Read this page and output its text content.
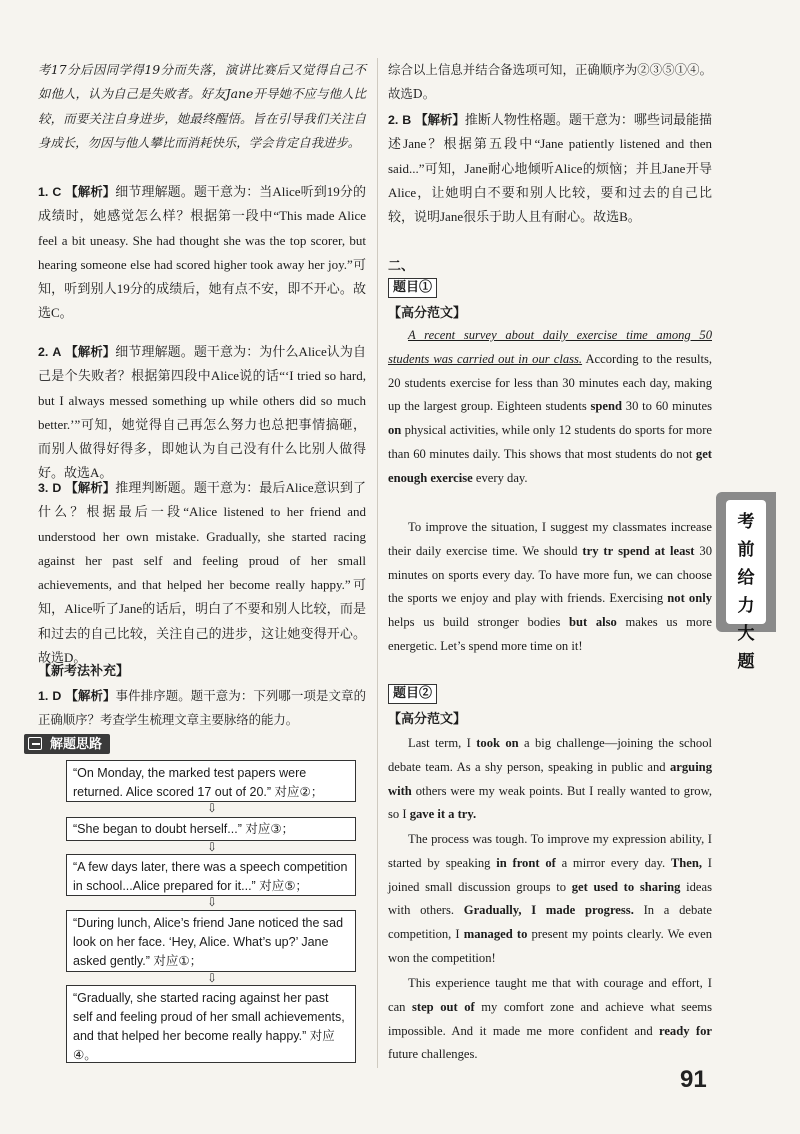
考17分后因同学得19分而失落，演讲比赛后又觉得自己不如他人，认为自己是失败者。好友Jane开导她不应与他人比较，而要关注自身进步，她最终醒悟。旨在引导我们关注自身成长，勿因与他人攀比而消耗快乐，学会肯定自我进步。

1. C 【解析】细节理解题。题干意为：当Alice听到19分的成绩时，她感觉怎么样？根据第一段中“This made Alice feel a bit uneasy. She had thought she was the top scorer, but hearing someone else had scored higher took away her joy.”可知，听到别人19分的成绩后，她有点不安，即不开心。故选C。

2. A 【解析】细节理解题。题干意为：为什么Alice认为自己是个失败者？根据第四段中Alice说的话“‘I tried so hard, but I always messed something up while others did so much better.’”可知，她觉得自己再怎么努力也总把事情搞砸，而别人做得好得多，即她认为自己没有什么比别人做得好。故选A。

3. D 【解析】推理判断题。题干意为：最后Alice意识到了什么？根据最后一段“Alice listened to her friend and understood her own mistake. Gradually, she started racing against her past self and feeling proud of her small achievements, and that helped her become really happy.”可知，Alice听了Jane的话后，明白了不要和别人比较，而是和过去的自己比较，关注自己的进步，这让她变得开心。故选D。

【新考法补充】

1. D 【解析】事件排序题。题干意为：下列哪一项是文章的正确顺序？考查学生梳理文章主要脉络的能力。

解题思路
“On Monday, the marked test papers were returned. Alice scored 17 out of 20.” 对应②；
⇩
“She began to doubt herself...” 对应③；
⇩
“A few days later, there was a speech competition in school...Alice prepared for it...” 对应⑤；
⇩
“During lunch, Alice’s friend Jane noticed the sad look on her face. ‘Hey, Alice. What’s up?’ Jane asked gently.” 对应①；
⇩
“Gradually, she started racing against her past self and feeling proud of her small achievements, and that helped her become really happy.” 对应④。

综合以上信息并结合备选项可知，正确顺序为②③⑤①④。故选D。

2. B 【解析】推断人物性格题。题干意为：哪些词最能描述Jane？根据第五段中“Jane patiently listened and then said...”可知，Jane耐心地倾听Alice的烦恼；并且Jane开导Alice，让她明白不要和别人比较，要和过去的自己比较，说明Jane很乐于助人且有耐心。故选B。

二、
题目①
【高分范文】

A recent survey about daily exercise time among 50 students was carried out in our class. According to the results, 20 students exercise for less than 30 minutes each day, making up the largest group. Eighteen students spend 30 to 60 minutes on physical activities, while only 12 students do sports for more than 60 minutes daily. This shows that most students do not get enough exercise every day.

To improve the situation, I suggest my classmates increase their daily exercise time. We should try tr spend at least 30 minutes on sports every day. To have more fun, we can choose the sports we enjoy and play with friends. Exercising not only helps us build stronger bodies but also makes us more energetic. Let’s spend more time on it!

题目②
【高分范文】

Last term, I took on a big challenge—joining the school debate team. As a shy person, speaking in public and arguing with others were my weak points. But I really wanted to grow, so I gave it a try.

The process was tough. To improve my expression ability, I started by speaking in front of a mirror every day. Then, I joined small discussion groups to get used to sharing ideas with others. Gradually, I made progress. In a debate competition, I managed to present my points clearly. We even won the competition!

This experience taught me that with courage and effort, I can step out of my comfort zone and achieve what seems impossible. And it made me more confident and ready for future challenges.

考前给力大题
91
